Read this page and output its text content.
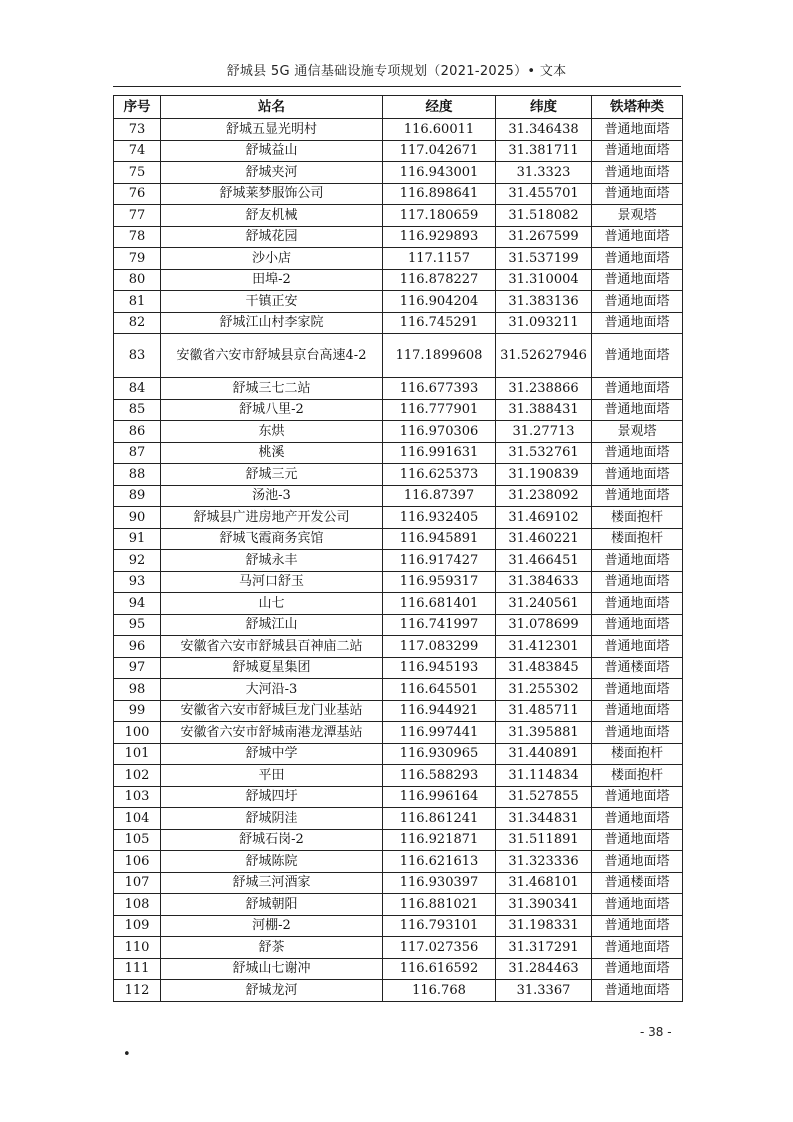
舒城县 5G 通信基础设施专项规划（2021-2025）• 文本
序号	站名	经度	纬度	铁塔种类
73	舒城五显光明村	116.60011	31.346438	普通地面塔
74	舒城益山	117.042671	31.381711	普通地面塔
75	舒城夹河	116.943001	31.3323	普通地面塔
76	舒城莱梦服饰公司	116.898641	31.455701	普通地面塔
77	舒友机械	117.180659	31.518082	景观塔
78	舒城花园	116.929893	31.267599	普通地面塔
79	沙小店	117.1157	31.537199	普通地面塔
80	田埠-2	116.878227	31.310004	普通地面塔
81	干镇正安	116.904204	31.383136	普通地面塔
82	舒城江山村李家院	116.745291	31.093211	普通地面塔
83	安徽省六安市舒城县京台高速4-2	117.1899608	31.52627946	普通地面塔
84	舒城三七二站	116.677393	31.238866	普通地面塔
85	舒城八里-2	116.777901	31.388431	普通地面塔
86	东烘	116.970306	31.27713	景观塔
87	桃溪	116.991631	31.532761	普通地面塔
88	舒城三元	116.625373	31.190839	普通地面塔
89	汤池-3	116.87397	31.238092	普通地面塔
90	舒城县广进房地产开发公司	116.932405	31.469102	楼面抱杆
91	舒城飞霞商务宾馆	116.945891	31.460221	楼面抱杆
92	舒城永丰	116.917427	31.466451	普通地面塔
93	马河口舒玉	116.959317	31.384633	普通地面塔
94	山七	116.681401	31.240561	普通地面塔
95	舒城江山	116.741997	31.078699	普通地面塔
96	安徽省六安市舒城县百神庙二站	117.083299	31.412301	普通地面塔
97	舒城夏星集团	116.945193	31.483845	普通楼面塔
98	大河沿-3	116.645501	31.255302	普通地面塔
99	安徽省六安市舒城巨龙门业基站	116.944921	31.485711	普通地面塔
100	安徽省六安市舒城南港龙潭基站	116.997441	31.395881	普通地面塔
101	舒城中学	116.930965	31.440891	楼面抱杆
102	平田	116.588293	31.114834	楼面抱杆
103	舒城四圩	116.996164	31.527855	普通地面塔
104	舒城阴洼	116.861241	31.344831	普通地面塔
105	舒城石岗-2	116.921871	31.511891	普通地面塔
106	舒城陈院	116.621613	31.323336	普通地面塔
107	舒城三河酒家	116.930397	31.468101	普通楼面塔
108	舒城朝阳	116.881021	31.390341	普通地面塔
109	河棚-2	116.793101	31.198331	普通地面塔
110	舒茶	117.027356	31.317291	普通地面塔
111	舒城山七谢冲	116.616592	31.284463	普通地面塔
112	舒城龙河	116.768	31.3367	普通地面塔
- 38 -
•
